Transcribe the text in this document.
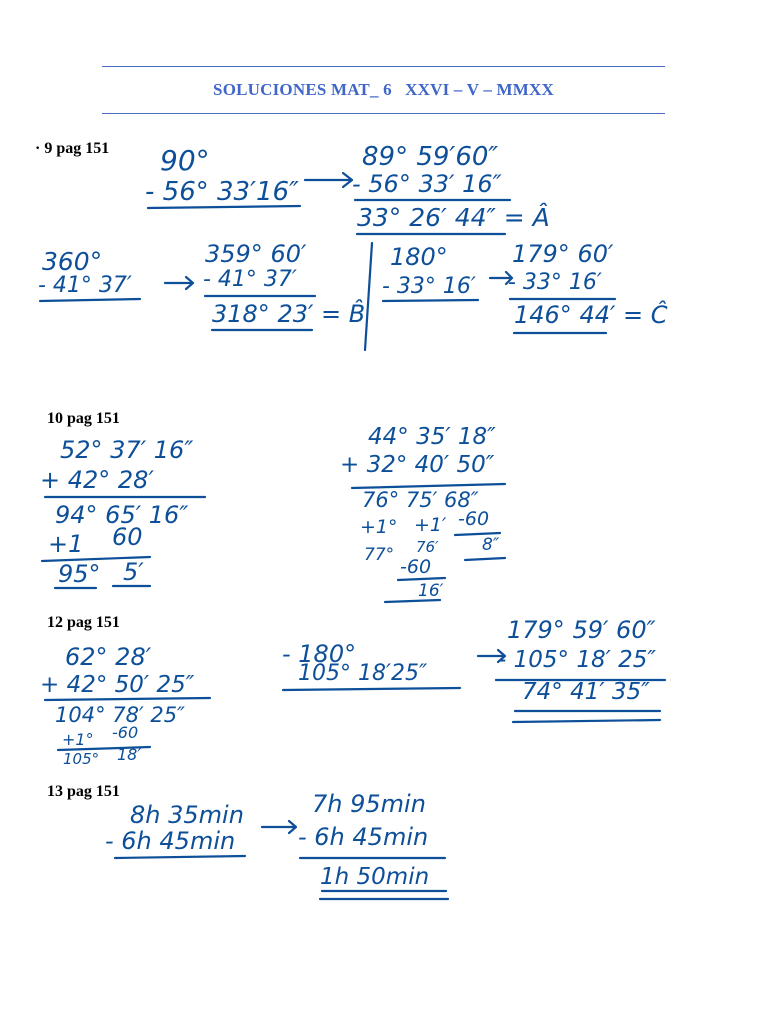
SOLUCIONES MAT_ 6   XXVI – V – MMXX
· 9 pag 151
10 pag 151
12 pag 151
13 pag 151
90°
- 56° 33′16″
89° 59′60″
- 56° 33′ 16″
33° 26′ 44″ = Â
360°
- 41° 37′
359° 60′
- 41° 37′
318° 23′ = B̂
180°
- 33° 16′
179° 60′
- 33° 16′
146° 44′ = Ĉ
52° 37′ 16″
+ 42° 28′
94° 65′ 16″
+1 60
95° 5′
44° 35′ 18″
+ 32° 40′ 50″
76° 75′ 68″
+1° +1′ -60
77° 76′	8″
-60
16′
62° 28′
+ 42° 50′ 25″
104° 78′ 25″
+1° -60
105° 18′
- 180°
105° 18′25″
179° 59′ 60″
- 105° 18′ 25″
74° 41′ 35″
8h 35min
- 6h 45min
7h 95min
- 6h 45min
1h 50min
